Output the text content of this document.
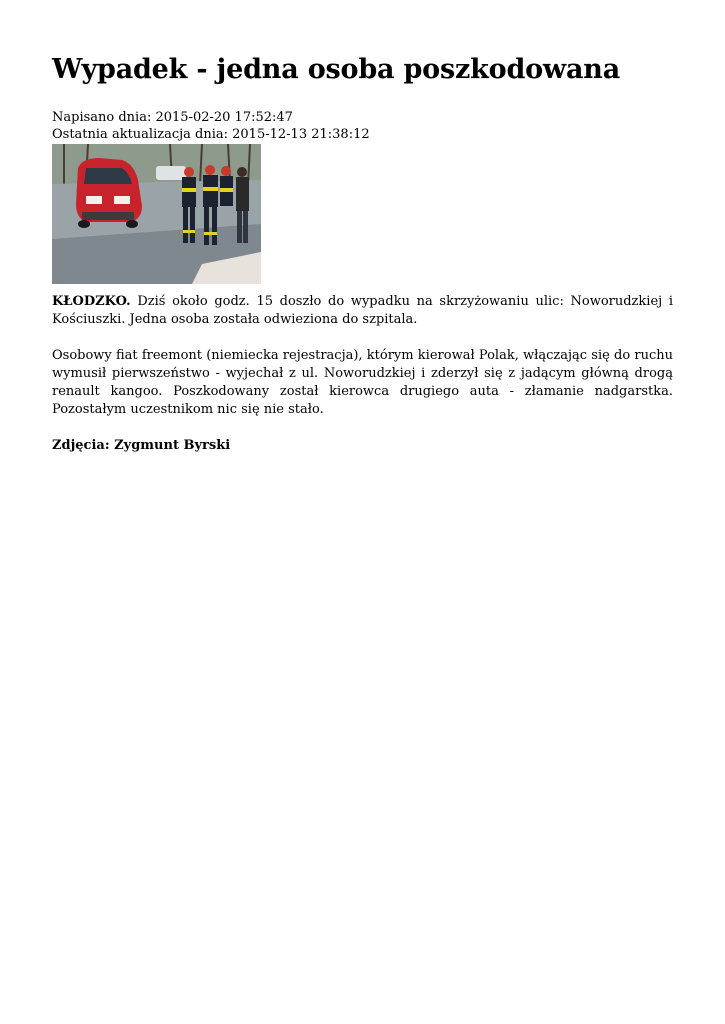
Wypadek - jedna osoba poszkodowana
Napisano dnia: 2015-02-20 17:52:47
Ostatnia aktualizacja dnia: 2015-12-13 21:38:12

KŁODZKO. Dziś około godz. 15 doszło do wypadku na skrzyżowaniu ulic: Noworudzkiej i Kościuszki. Jedna osoba została odwieziona do szpitala.

Osobowy fiat freemont (niemiecka rejestracja), którym kierował Polak, włączając się do ruchu wymusił pierwszeństwo - wyjechał z ul. Noworudzkiej i zderzył się z jadącym główną drogą renault kangoo. Poszkodowany został kierowca drugiego auta - złamanie nadgarstka. Pozostałym uczestnikom nic się nie stało.

Zdjęcia: Zygmunt Byrski
